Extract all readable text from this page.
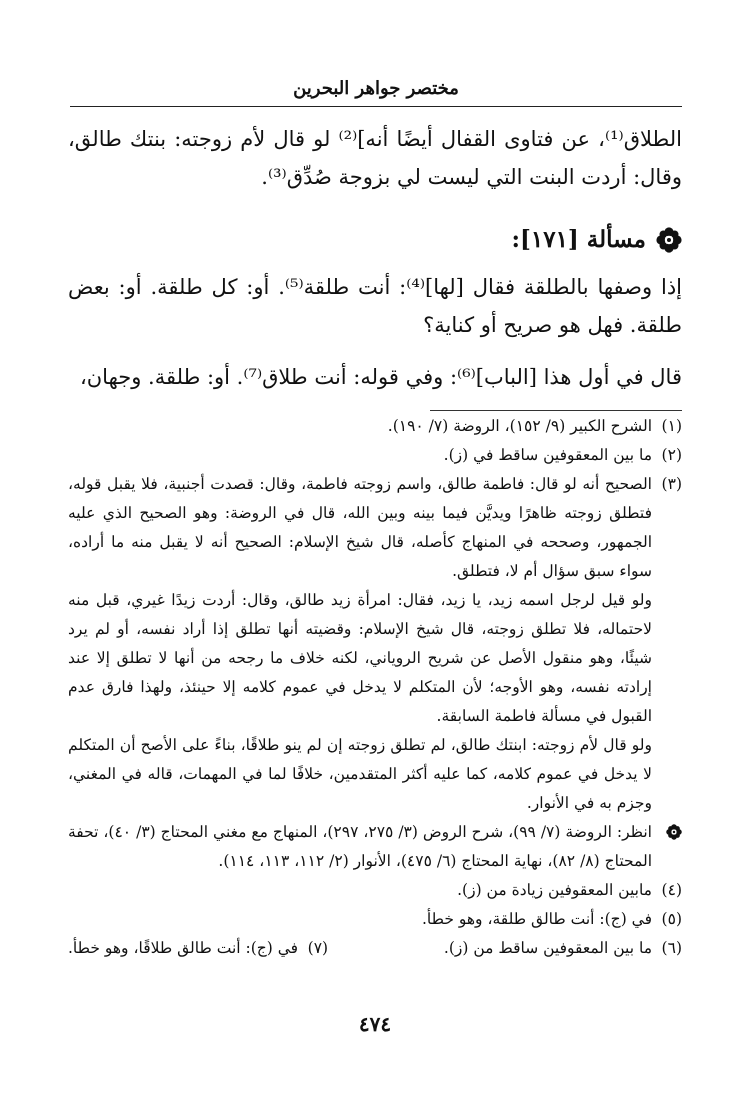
مختصر جواهر البحرين
الطلاق⁽¹⁾، عن فتاوى القفال أيضًا أنه]⁽²⁾ لو قال لأم زوجته: بنتك طالق، وقال: أردت البنت التي ليست لي بزوجة صُدِّق⁽³⁾.
مسألة [١٧١]:
إذا وصفها بالطلقة فقال [لها]⁽⁴⁾: أنت طلقة⁽⁵⁾. أو: كل طلقة. أو: بعض طلقة. فهل هو صريح أو كناية؟
قال في أول هذا [الباب]⁽⁶⁾: وفي قوله: أنت طلاق⁽⁷⁾. أو: طلقة. وجهان،
(١)
الشرح الكبير (٩/ ١٥٢)، الروضة (٧/ ١٩٠).
(٢)
ما بين المعقوفين ساقط في (ز).
(٣)
الصحيح أنه لو قال: فاطمة طالق، واسم زوجته فاطمة، وقال: قصدت أجنبية، فلا يقبل قوله، فتطلق زوجته ظاهرًا ويديَّن فيما بينه وبين الله، قال في الروضة: وهو الصحيح الذي عليه الجمهور، وصححه في المنهاج كأصله، قال شيخ الإسلام: الصحيح أنه لا يقبل منه ما أراده، سواء سبق سؤال أم لا، فتطلق.
ولو قيل لرجل اسمه زيد، يا زيد، فقال: امرأة زيد طالق، وقال: أردت زيدًا غيري، قبل منه لاحتماله، فلا تطلق زوجته، قال شيخ الإسلام: وقضيته أنها تطلق إذا أراد نفسه، أو لم يرد شيئًا، وهو منقول الأصل عن شريح الروياني، لكنه خلاف ما رجحه من أنها لا تطلق إلا عند إرادته نفسه، وهو الأوجه؛ لأن المتكلم لا يدخل في عموم كلامه إلا حينئذ، ولهذا فارق عدم القبول في مسألة فاطمة السابقة.
ولو قال لأم زوجته: ابنتك طالق، لم تطلق زوجته إن لم ينو طلاقًا، بناءً على الأصح أن المتكلم لا يدخل في عموم كلامه، كما عليه أكثر المتقدمين، خلافًا لما في المهمات، قاله في المغني، وجزم به في الأنوار.
انظر: الروضة (٧/ ٩٩)، شرح الروض (٣/ ٢٧٥، ٢٩٧)، المنهاج مع مغني المحتاج (٣/ ٤٠)، تحفة المحتاج (٨/ ٨٢)، نهاية المحتاج (٦/ ٤٧٥)، الأنوار (٢/ ١١٢، ١١٣، ١١٤).
(٤)
مابين المعقوفين زيادة من (ز).
(٥)
في (ج): أنت طالق طلقة، وهو خطأ.
(٦)
ما بين المعقوفين ساقط من (ز).
(٧)
في (ج): أنت طالق طلاقًا، وهو خطأ.
٤٧٤
